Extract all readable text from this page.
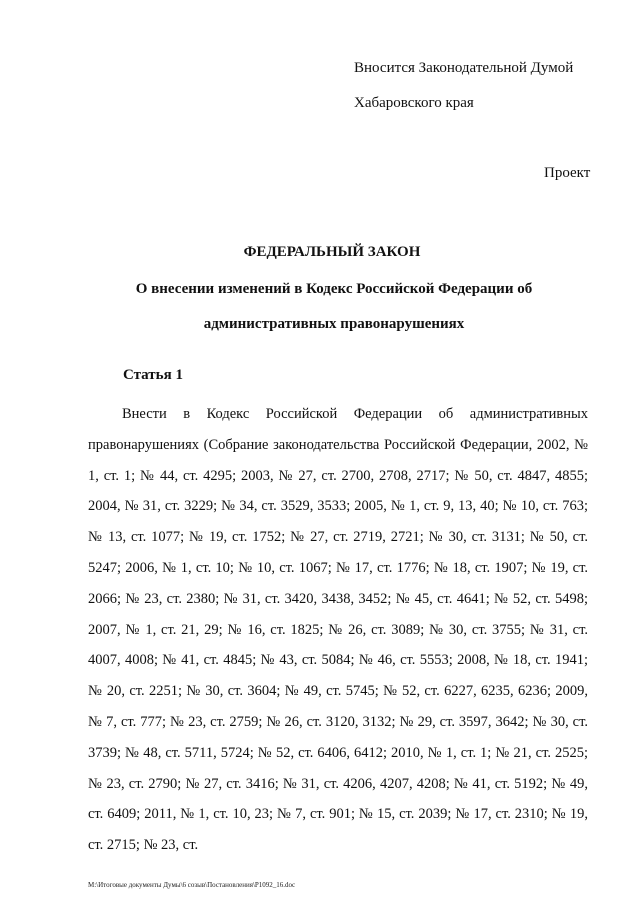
Вносится Законодательной Думой
Хабаровского края
Проект
ФЕДЕРАЛЬНЫЙ ЗАКОН
О внесении изменений в Кодекс Российской Федерации об
административных правонарушениях
Статья 1

Внести в Кодекс Российской Федерации об административных правонарушениях (Собрание законодательства Российской Федерации, 2002, № 1, ст. 1; № 44, ст. 4295; 2003, № 27, ст. 2700, 2708, 2717; № 50, ст. 4847, 4855; 2004, № 31, ст. 3229; № 34, ст. 3529, 3533; 2005, № 1, ст. 9, 13, 40; № 10, ст. 763; № 13, ст. 1077; № 19, ст. 1752; № 27, ст. 2719, 2721; № 30, ст. 3131; № 50, ст. 5247; 2006, № 1, ст. 10; № 10, ст. 1067; № 17, ст. 1776; № 18, ст. 1907; № 19, ст. 2066; № 23, ст. 2380; № 31, ст. 3420, 3438, 3452; № 45, ст. 4641; № 52, ст. 5498; 2007, № 1, ст. 21, 29; № 16, ст. 1825; № 26, ст. 3089; № 30, ст. 3755; № 31, ст. 4007, 4008; № 41, ст. 4845; № 43, ст. 5084; № 46, ст. 5553; 2008, № 18, ст. 1941; № 20, ст. 2251; № 30, ст. 3604; № 49, ст. 5745; № 52, ст. 6227, 6235, 6236; 2009, № 7, ст. 777; № 23, ст. 2759; № 26, ст. 3120, 3132; № 29, ст. 3597, 3642; № 30, ст. 3739; № 48, ст. 5711, 5724; № 52, ст. 6406, 6412; 2010, № 1, ст. 1; № 21, ст. 2525; № 23, ст. 2790; № 27, ст. 3416; № 31, ст. 4206, 4207, 4208; № 41, ст. 5192; № 49, ст. 6409; 2011, № 1, ст. 10, 23; № 7, ст. 901; № 15, ст. 2039; № 17, ст. 2310; № 19, ст. 2715; № 23, ст.

M:\Итоговые документы Думы\6 созыв\Постановления\P1092_16.doc
